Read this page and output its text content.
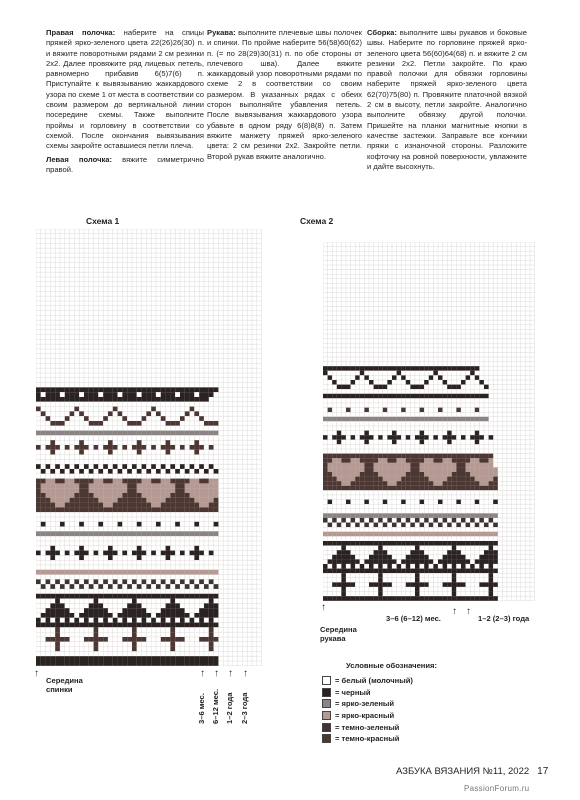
Правая полочка: наберите на спицы пряжей ярко-зеленого цвета 22(26)26(30) п. и вяжите поворотными рядами 2 см резинки 2х2. Далее провяжите ряд лицевых петель, равномерно прибавив 6(5)7(6) п. Приступайте к вывязыванию жаккардового узора по схеме 1 от места в соответствии со своим размером до вертикальной линии посередине схемы. Также выполните проймы и горловину в соответствии со схемой. После окончания вывязывания схемы закройте оставшиеся петли плеча.

Левая полочка: вяжите симметрично правой.

Рукава: выполните плечевые швы полочек и спинки. По пройме наберите 56(58)60(62) п. (= по 28(29)30(31) п. по обе стороны от плечевого шва). Далее вяжите жаккардовый узор поворотными рядами по схеме 2 в соответствии со своим размером. В указанных рядах с обеих сторон выполняйте убавления петель. После вывязывания жаккардового узора убавьте в одном ряду 6(8)8(8) п. Затем вяжите манжету пряжей ярко-зеленого цвета: 2 см резинки 2х2. Закройте петли. Второй рукав вяжите аналогично.

Сборка: выполните швы рукавов и боковые швы. Наберите по горловине пряжей ярко-зеленого цвета 56(60)64(68) п. и вяжите 2 см резинки 2х2. Петли закройте. По краю правой полочки для обвязки горловины наберите пряжей ярко-зеленого цвета 62(70)75(80) п. Провяжите платочной вязкой 2 см в высоту, петли закройте. Аналогично выполните обвязку другой полочки. Пришейте на планки магнитные кнопки в качестве застежки. Заправьте все кончики пряжи с изнаночной стороны. Разложите кофточку на ровной поверхности, увлажните и дайте высохнуть.

Схема 1	Схема 2
↑
Середина спинки
↑ ↑ ↑ ↑
3–6 мес. 6–12 мес. 1–2 года 2–3 года
↑
Середина рукава
3–6 (6–12) мес.
↑ ↑
1–2 (2–3) года
Условные обозначения:
= белый (молочный)
= черный
= ярко-зеленый
= ярко-красный
= темно-зеленый
= темно-красный
АЗБУКА ВЯЗАНИЯ №11, 2022 17
PassionForum.ru
